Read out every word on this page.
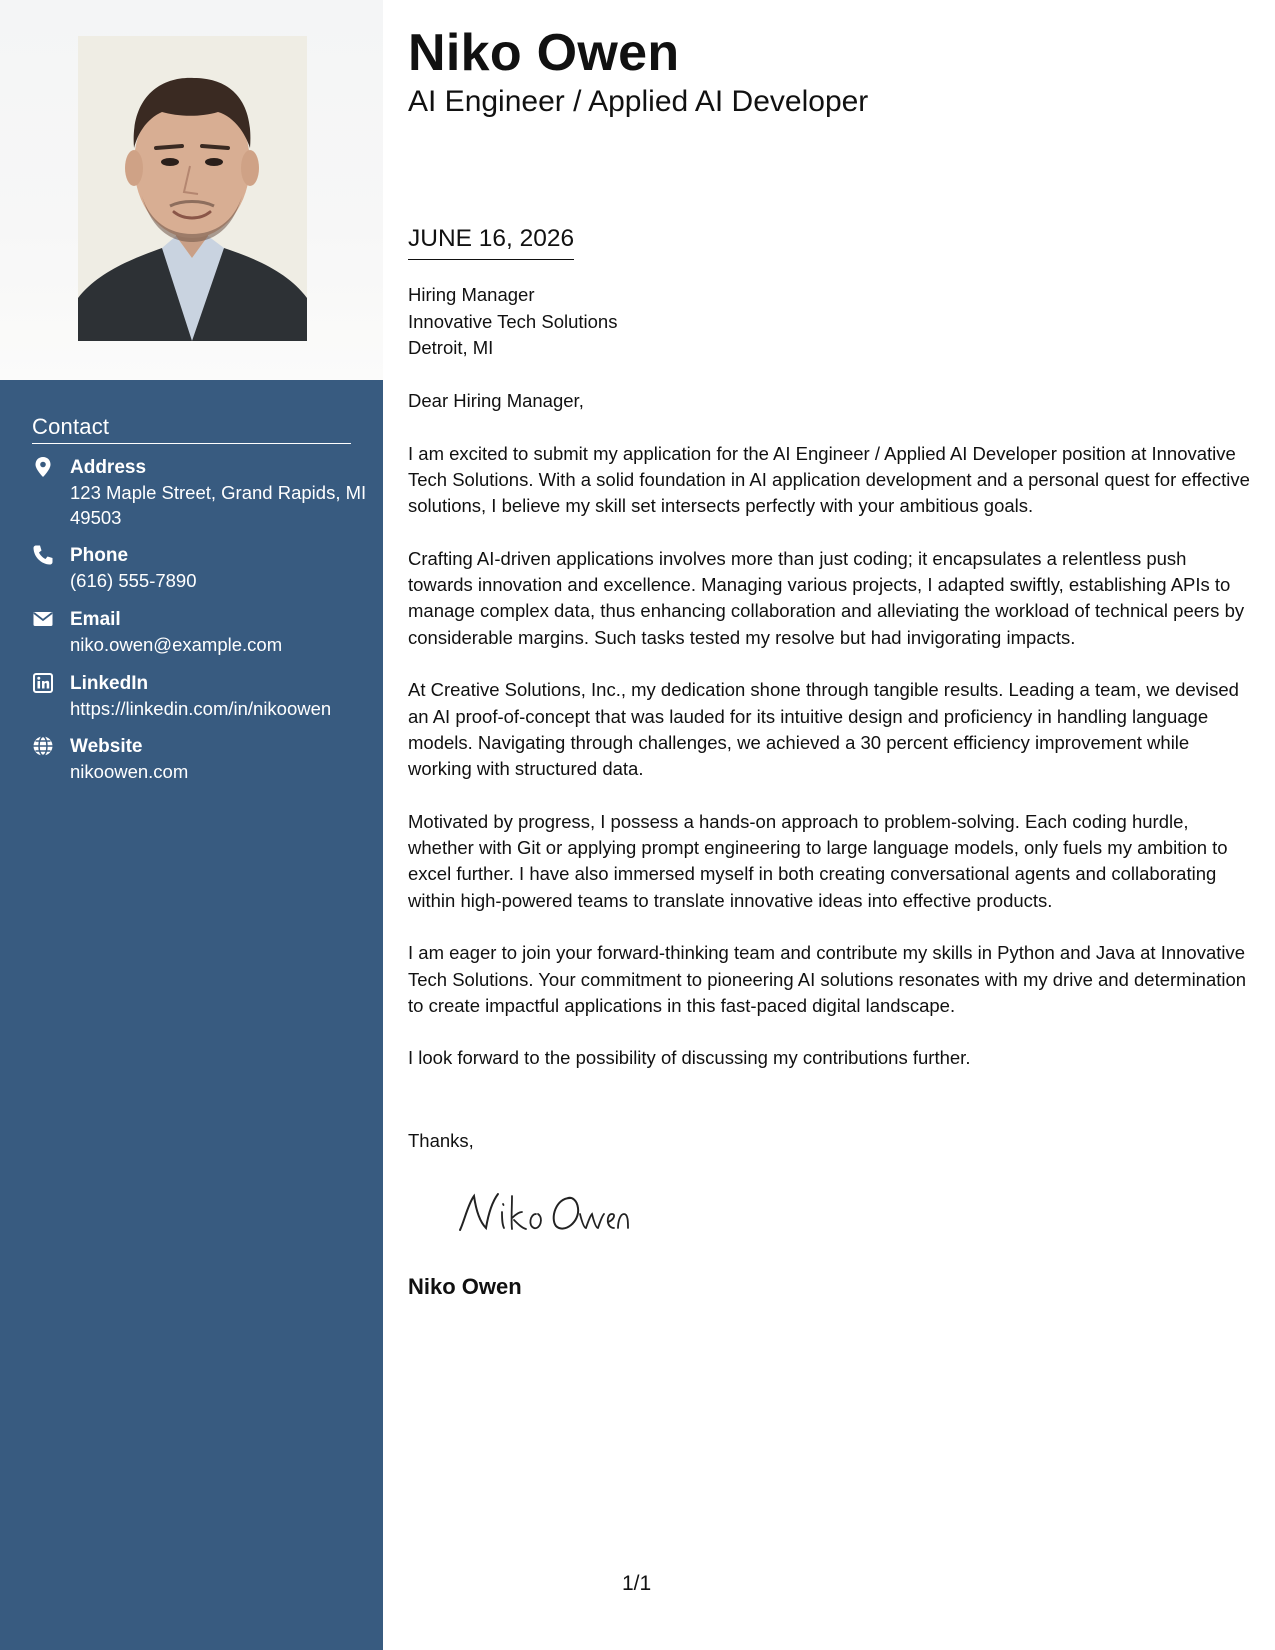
Contact
Address
123 Maple Street, Grand Rapids, MI 49503
Phone
(616) 555-7890
Email
niko.owen@example.com
LinkedIn
https://linkedin.com/in/nikoowen
Website
nikoowen.com
Niko Owen
AI Engineer / Applied AI Developer
JUNE 16, 2026
Hiring Manager
Innovative Tech Solutions
Detroit, MI

Dear Hiring Manager,

I am excited to submit my application for the AI Engineer / Applied AI Developer position at Innovative Tech Solutions. With a solid foundation in AI application development and a personal quest for effective solutions, I believe my skill set intersects perfectly with your ambitious goals.

Crafting AI-driven applications involves more than just coding; it encapsulates a relentless push towards innovation and excellence. Managing various projects, I adapted swiftly, establishing APIs to manage complex data, thus enhancing collaboration and alleviating the workload of technical peers by considerable margins. Such tasks tested my resolve but had invigorating impacts.

At Creative Solutions, Inc., my dedication shone through tangible results. Leading a team, we devised an AI proof-of-concept that was lauded for its intuitive design and proficiency in handling language models. Navigating through challenges, we achieved a 30 percent efficiency improvement while working with structured data.

Motivated by progress, I possess a hands-on approach to problem-solving. Each coding hurdle, whether with Git or applying prompt engineering to large language models, only fuels my ambition to excel further. I have also immersed myself in both creating conversational agents and collaborating within high-powered teams to translate innovative ideas into effective products.

I am eager to join your forward-thinking team and contribute my skills in Python and Java at Innovative Tech Solutions. Your commitment to pioneering AI solutions resonates with my drive and determination to create impactful applications in this fast-paced digital landscape.

I look forward to the possibility of discussing my contributions further.

Thanks,
Niko Owen
1/1
